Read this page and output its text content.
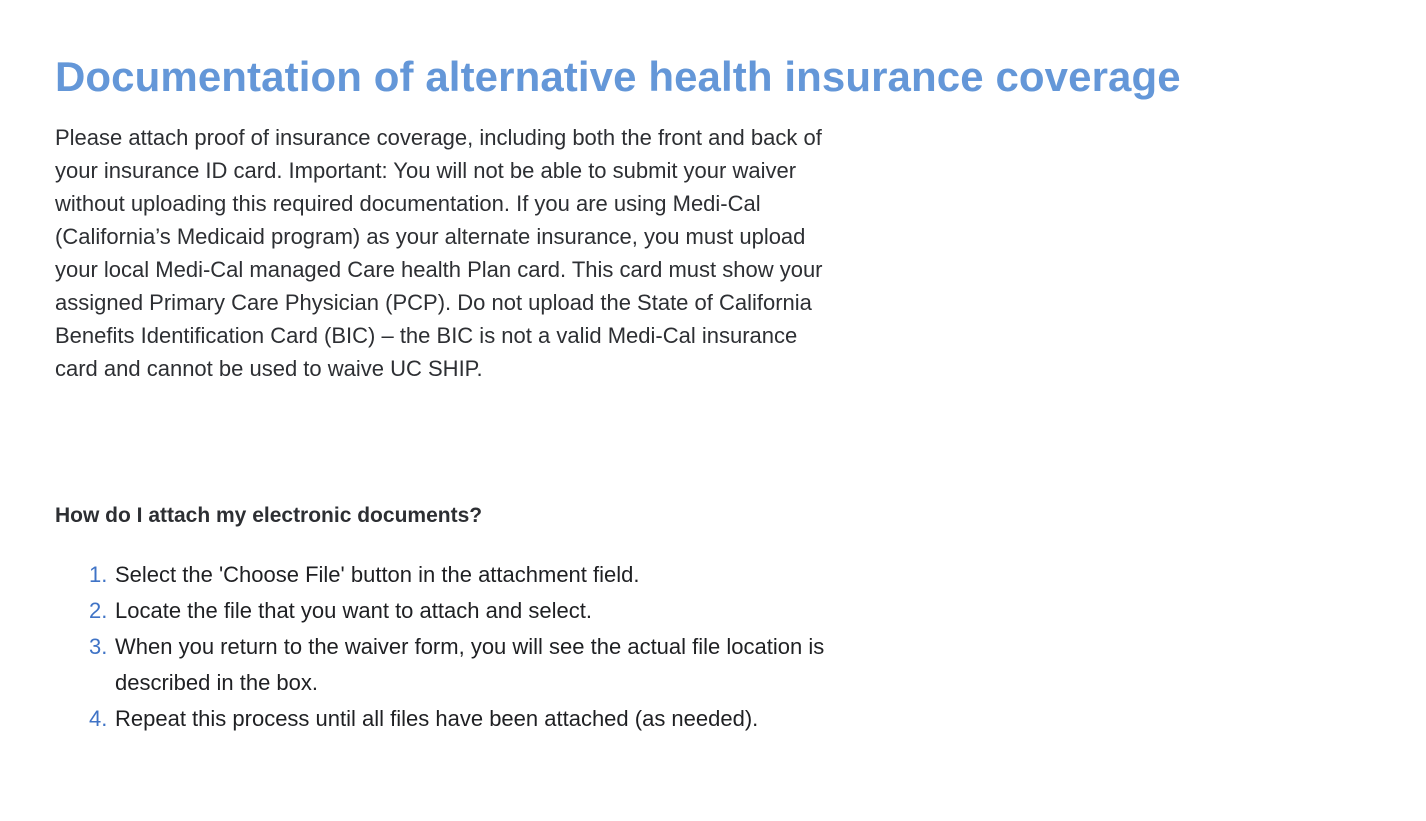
Documentation of alternative health insurance coverage

Please attach proof of insurance coverage, including both the front and back of your insurance ID card. Important: You will not be able to submit your waiver without uploading this required documentation. If you are using Medi-Cal (California’s Medicaid program) as your alternate insurance, you must upload your local Medi-Cal managed Care health Plan card. This card must show your assigned Primary Care Physician (PCP). Do not upload the State of California Benefits Identification Card (BIC) – the BIC is not a valid Medi-Cal insurance card and cannot be used to waive UC SHIP.

How do I attach my electronic documents?
1. Select the 'Choose File' button in the attachment field.
2. Locate the file that you want to attach and select.
3. When you return to the waiver form, you will see the actual file location is described in the box.
4. Repeat this process until all files have been attached (as needed).
